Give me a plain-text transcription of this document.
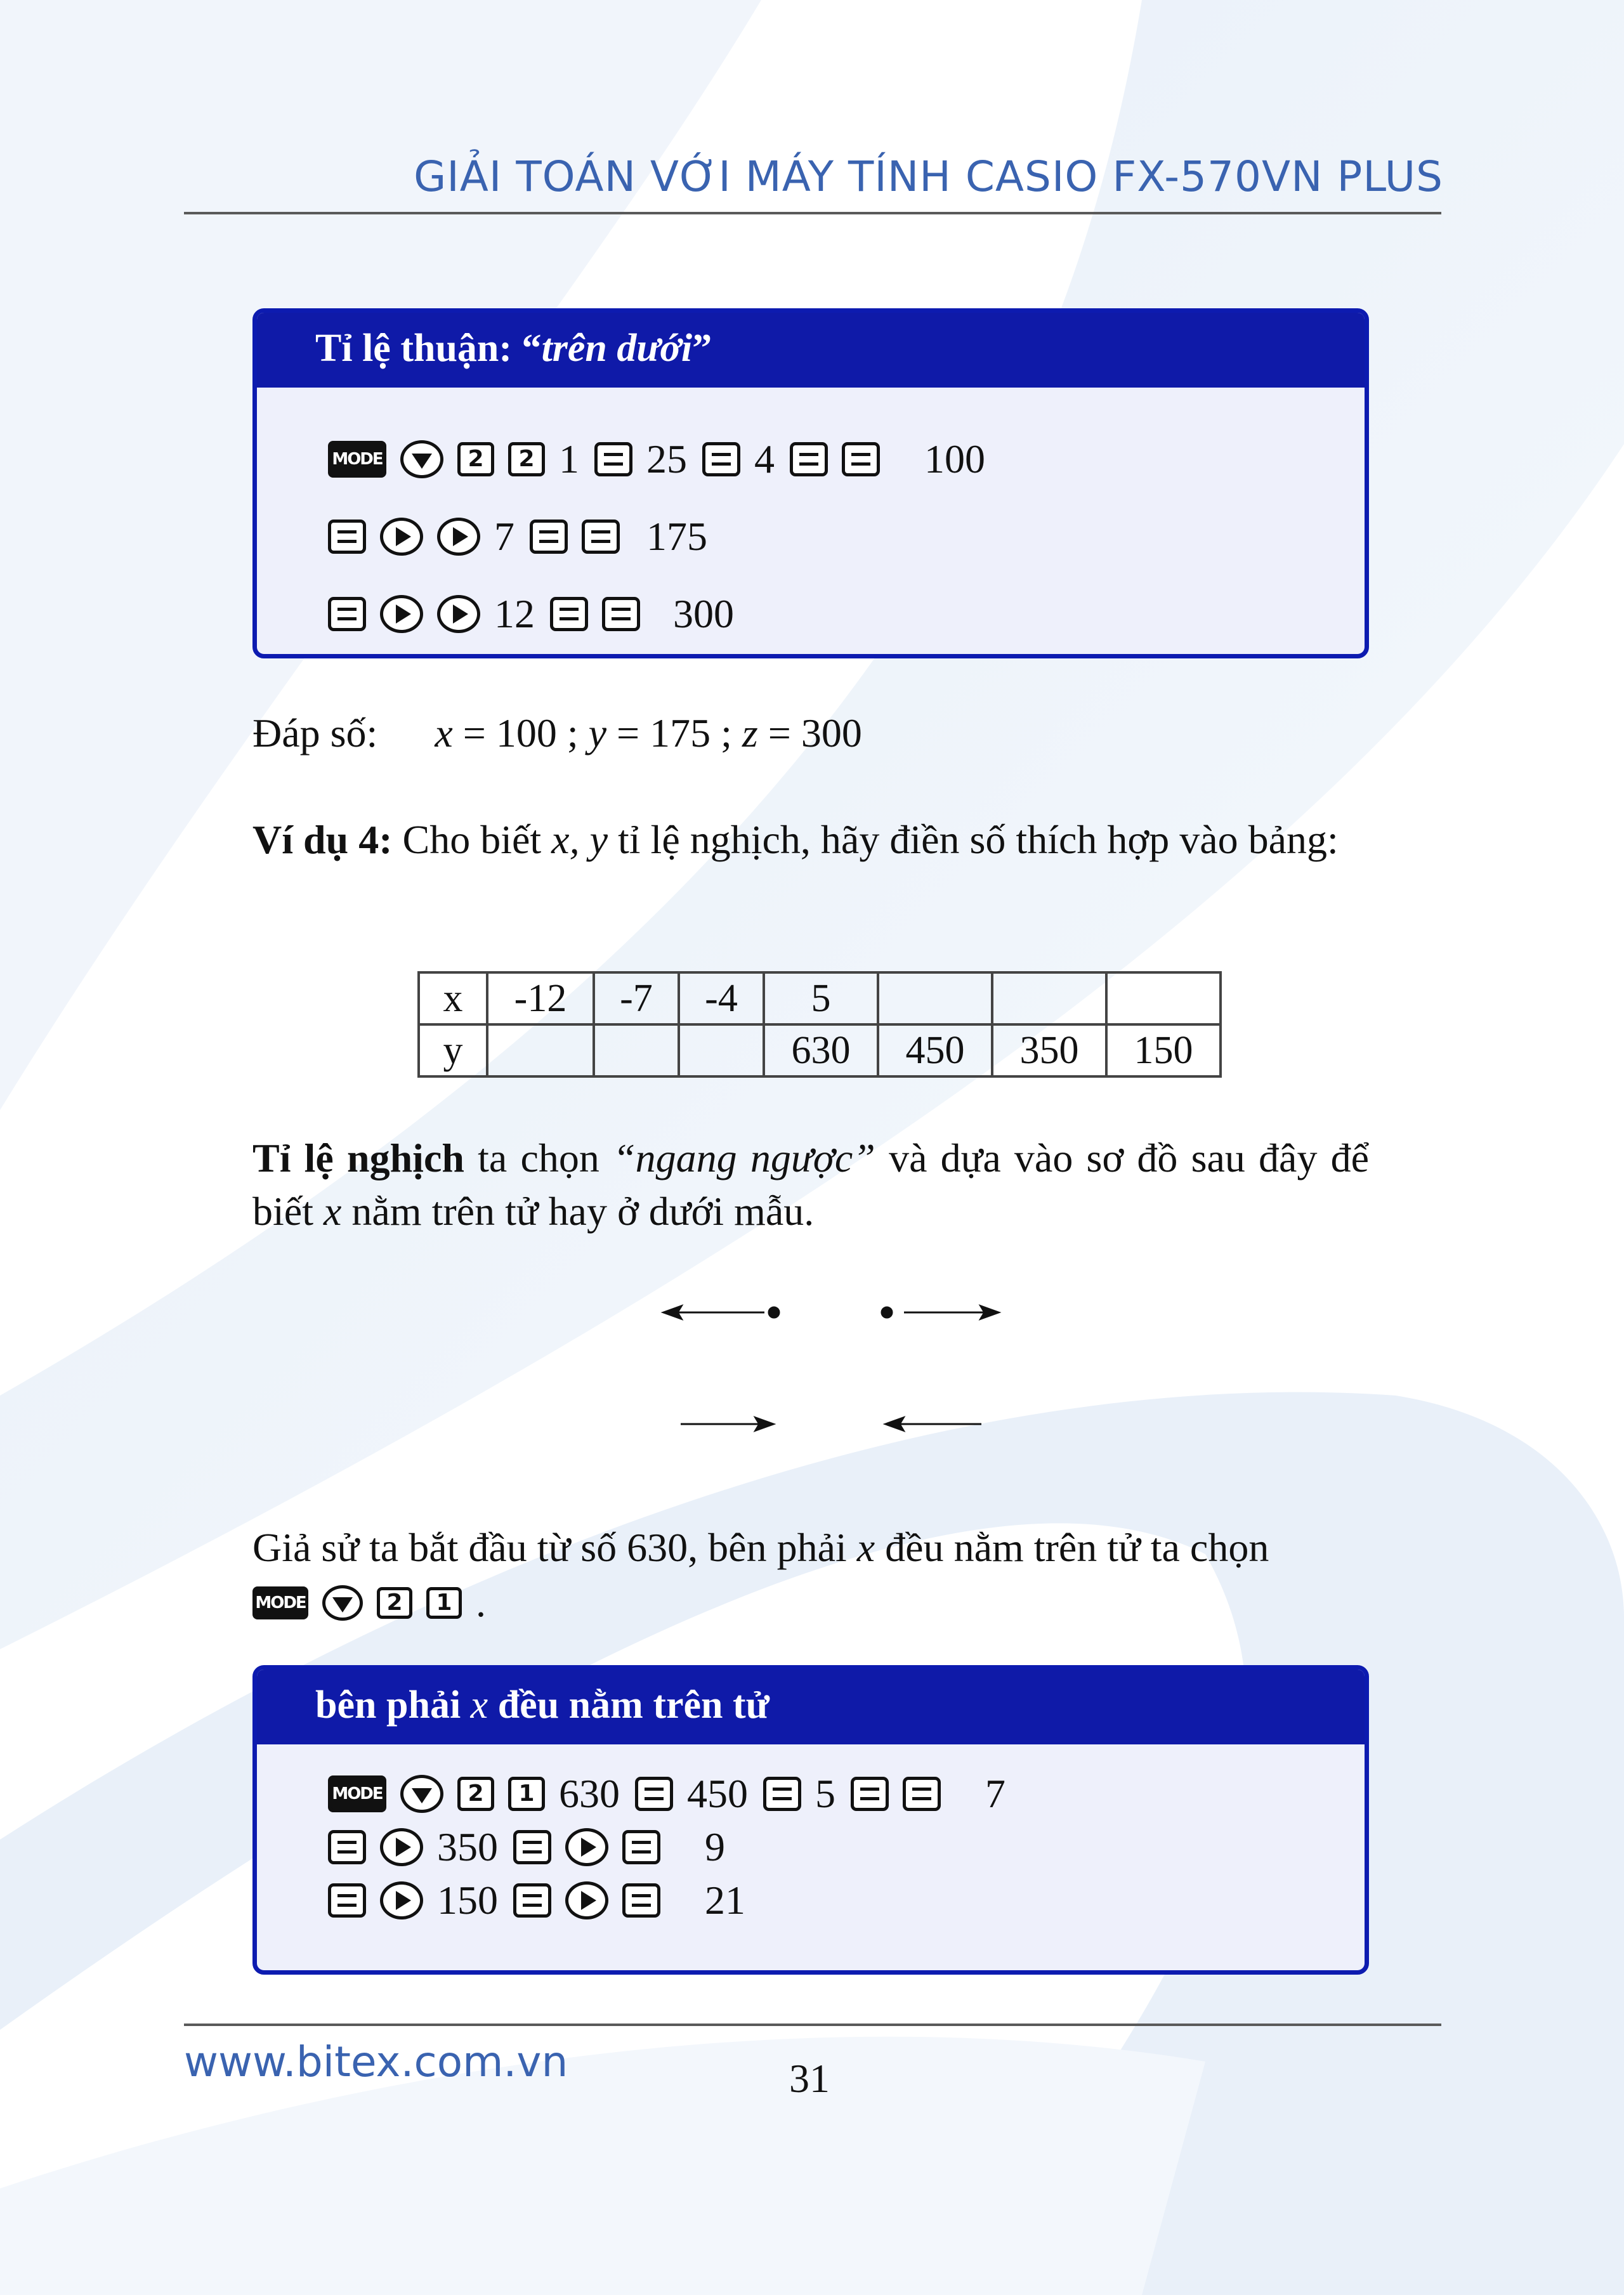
GIẢI TOÁN VỚI MÁY TÍNH CASIO FX-570VN PLUS
Tỉ lệ thuận: “trên dưới”
MODE	2	2 1 25 4	100
7	175
12	300
Đáp số: x = 100 ; y = 175 ; z = 300
Ví dụ 4: Cho biết x, y tỉ lệ nghịch, hãy điền số thích hợp vào bảng:
x	-12	-7	-4	5			
y				630	450	350	150
Tỉ lệ nghịch ta chọn “ngang ngược” và dựa vào sơ đồ sau đây để biết x nằm trên tử hay ở dưới mẫu.
Giả sử ta bắt đầu từ số 630, bên phải x đều nằm trên tử ta chọn
MODE	2	1 .
bên phải x đều nằm trên tử
MODE	2	1 630 450 5	7
350	9
150	21
www.bitex.com.vn	31
